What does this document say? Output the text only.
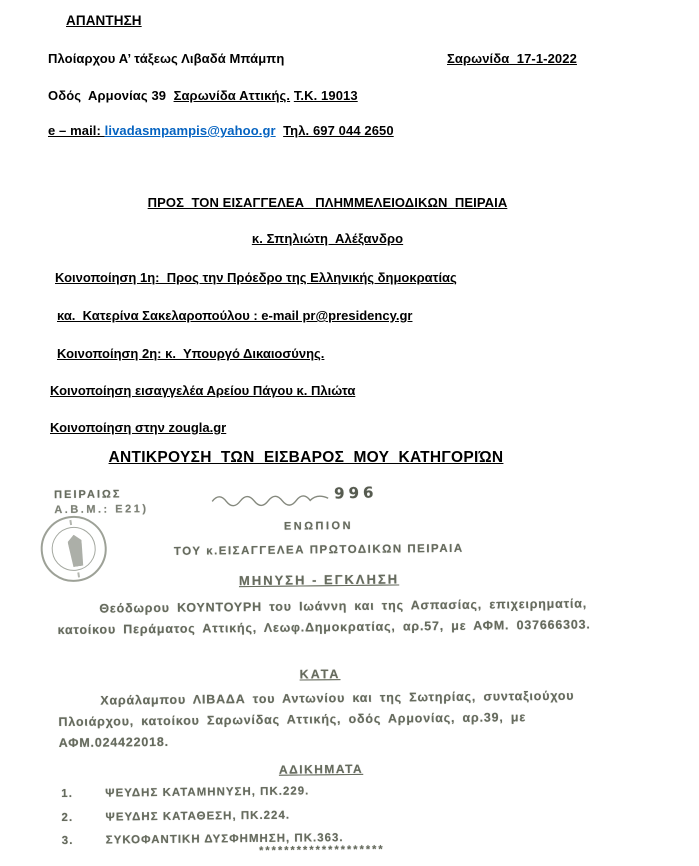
ΑΠΑΝΤΗΣΗ
Πλοίαρχου Α’ τάξεως Λιβαδά Μπάμπη	Σαρωνίδα  17-1-2022
Οδός  Αρμονίας 39  Σαρωνίδα Αττικής. Τ.Κ. 19013
e – mail: livadasmpampis@yahoo.gr Τηλ. 697 044 2650
ΠΡΟΣ  ΤΟΝ ΕΙΣΑΓΓΕΛΕΑ   ΠΛΗΜΜΕΛΕΙΟΔΙΚΩΝ  ΠΕΙΡΑΙΑ
κ. Σπηλιώτη  Αλέξανδρο
Κοινοποίηση 1η:  Προς την Πρόεδρο της Ελληνικής δημοκρατίας
κα.  Κατερίνα Σακελαροπούλου : e-mail pr@presidency.gr
Κοινοποίηση 2η: κ.  Υπουργό Δικαιοσύνης.
Κοινοποίηση εισαγγελέα Αρείου Πάγου κ. Πλιώτα
Κοινοποίηση στην zougla.gr
ΑΝΤΙΚΡΟΥΣΗ  ΤΩΝ  ΕΙΣΒΑΡΟΣ  ΜΟΥ  ΚΑΤΗΓΟΡΙΏΝ
ΠΕΙΡΑΙΩΣ
Α.Β.Μ.: Ε21)
996
ΕΝΩΠΙΟΝ
ΤΟΥ κ.ΕΙΣΑΓΓΕΛΕΑ ΠΡΩΤΟΔΙΚΩΝ ΠΕΙΡΑΙΑ
ΜΗΝΥΣΗ - ΕΓΚΛΗΣΗ
Θεόδωρου ΚΟΥΝΤΟΥΡΗ του Ιωάννη και της Ασπασίας, επιχειρηματία, κατοίκου Περάματος Αττικής, Λεωφ.Δημοκρατίας, αρ.57, με ΑΦΜ. 037666303.
ΚΑΤΑ
Χαράλαμπου ΛΙΒΑΔΑ του Αντωνίου και της Σωτηρίας, συνταξιούχου Πλοιάρχου, κατοίκου Σαρωνίδας Αττικής, οδός Αρμονίας, αρ.39, με ΑΦΜ.024422018.
ΑΔΙΚΗΜΑΤΑ
1.	ΨΕΥΔΗΣ ΚΑΤΑΜΗΝΥΣΗ, ΠΚ.229.
2.	ΨΕΥΔΗΣ ΚΑΤΑΘΕΣΗ, ΠΚ.224.
3.	ΣΥΚΟΦΑΝΤΙΚΗ ΔΥΣΦΗΜΗΣΗ, ΠΚ.363.
********************
